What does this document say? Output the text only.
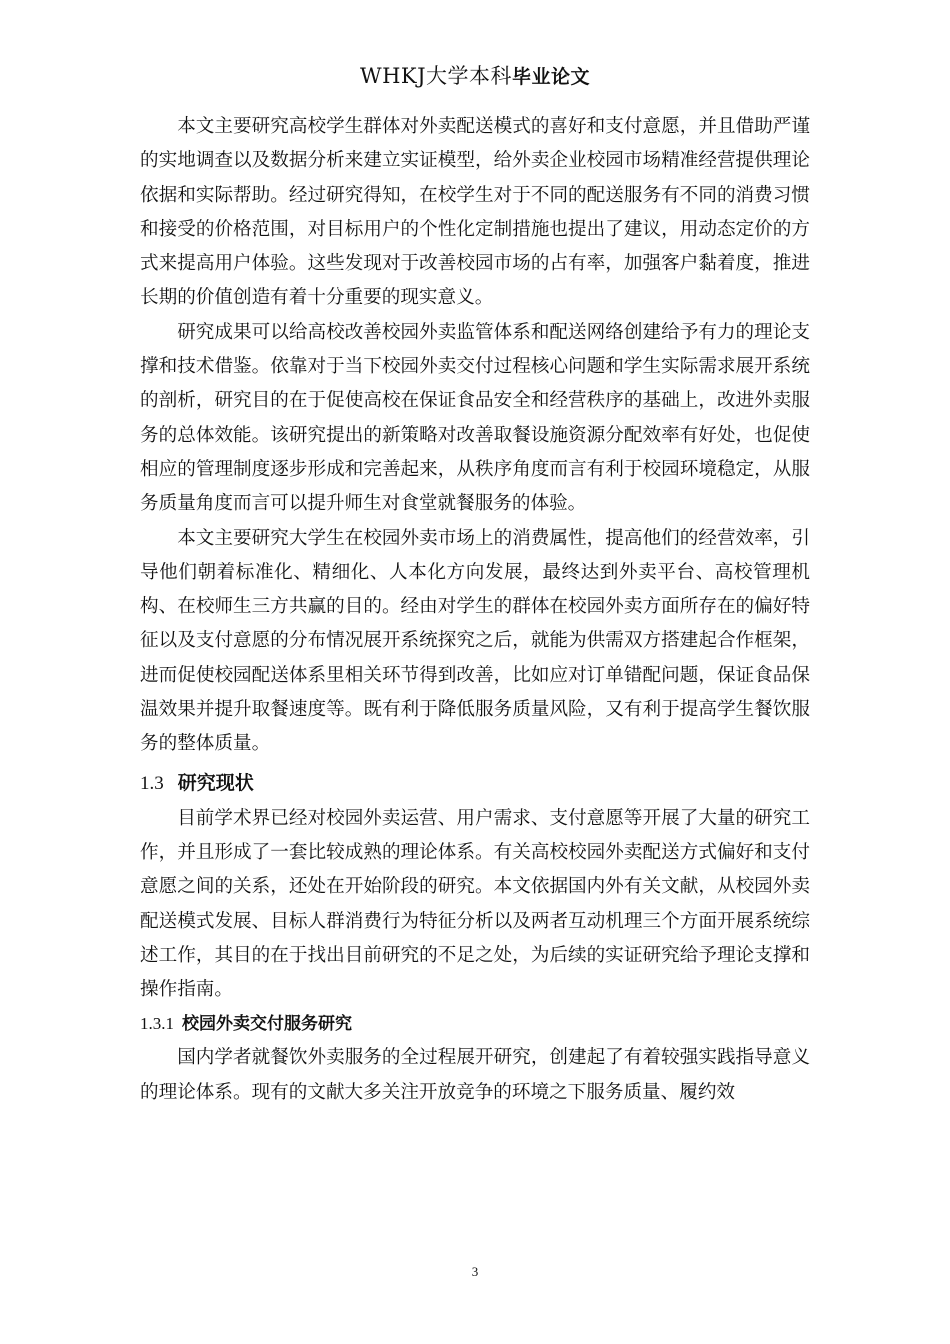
WHKJ大学本科毕业论文

本文主要研究高校学生群体对外卖配送模式的喜好和支付意愿，并且借助严谨的实地调查以及数据分析来建立实证模型，给外卖企业校园市场精准经营提供理论依据和实际帮助。经过研究得知，在校学生对于不同的配送服务有不同的消费习惯和接受的价格范围，对目标用户的个性化定制措施也提出了建议，用动态定价的方式来提高用户体验。这些发现对于改善校园市场的占有率，加强客户黏着度，推进长期的价值创造有着十分重要的现实意义。

研究成果可以给高校改善校园外卖监管体系和配送网络创建给予有力的理论支撑和技术借鉴。依靠对于当下校园外卖交付过程核心问题和学生实际需求展开系统的剖析，研究目的在于促使高校在保证食品安全和经营秩序的基础上，改进外卖服务的总体效能。该研究提出的新策略对改善取餐设施资源分配效率有好处，也促使相应的管理制度逐步形成和完善起来，从秩序角度而言有利于校园环境稳定，从服务质量角度而言可以提升师生对食堂就餐服务的体验。

本文主要研究大学生在校园外卖市场上的消费属性，提高他们的经营效率，引导他们朝着标准化、精细化、人本化方向发展，最终达到外卖平台、高校管理机构、在校师生三方共赢的目的。经由对学生的群体在校园外卖方面所存在的偏好特征以及支付意愿的分布情况展开系统探究之后，就能为供需双方搭建起合作框架，进而促使校园配送体系里相关环节得到改善，比如应对订单错配问题，保证食品保温效果并提升取餐速度等。既有利于降低服务质量风险，又有利于提高学生餐饮服务的整体质量。

1.3 研究现状

目前学术界已经对校园外卖运营、用户需求、支付意愿等开展了大量的研究工作，并且形成了一套比较成熟的理论体系。有关高校校园外卖配送方式偏好和支付意愿之间的关系，还处在开始阶段的研究。本文依据国内外有关文献，从校园外卖配送模式发展、目标人群消费行为特征分析以及两者互动机理三个方面开展系统综述工作，其目的在于找出目前研究的不足之处，为后续的实证研究给予理论支撑和操作指南。

1.3.1 校园外卖交付服务研究

国内学者就餐饮外卖服务的全过程展开研究，创建起了有着较强实践指导意义的理论体系。现有的文献大多关注开放竞争的环境之下服务质量、履约效

3
